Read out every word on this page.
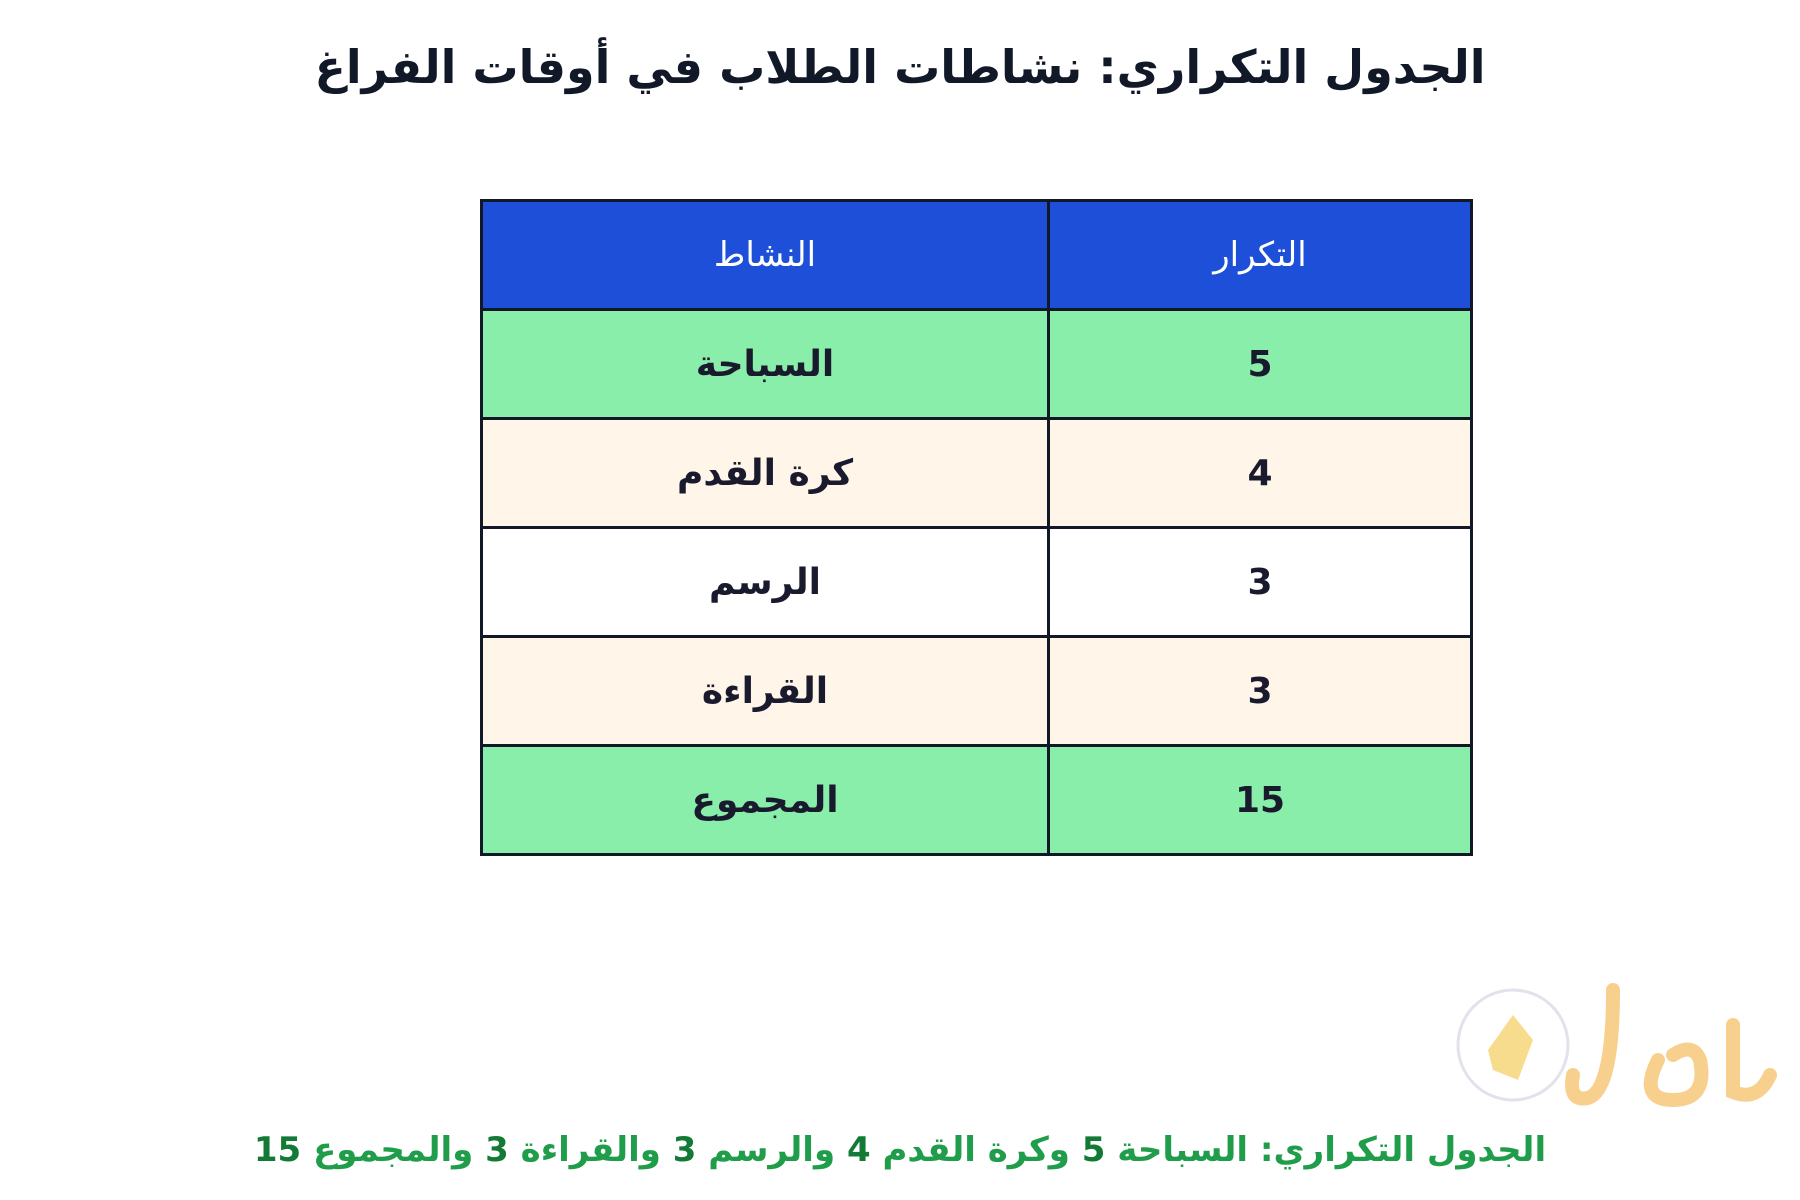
الجدول التكراري: نشاطات الطلاب في أوقات الفراغ
التكرار	النشاط
5	السباحة
4	كرة القدم
3	الرسم
3	القراءة
15	المجموع
الجدول التكراري: السباحة 5 وكرة القدم 4 والرسم 3 والقراءة 3 والمجموع 15
